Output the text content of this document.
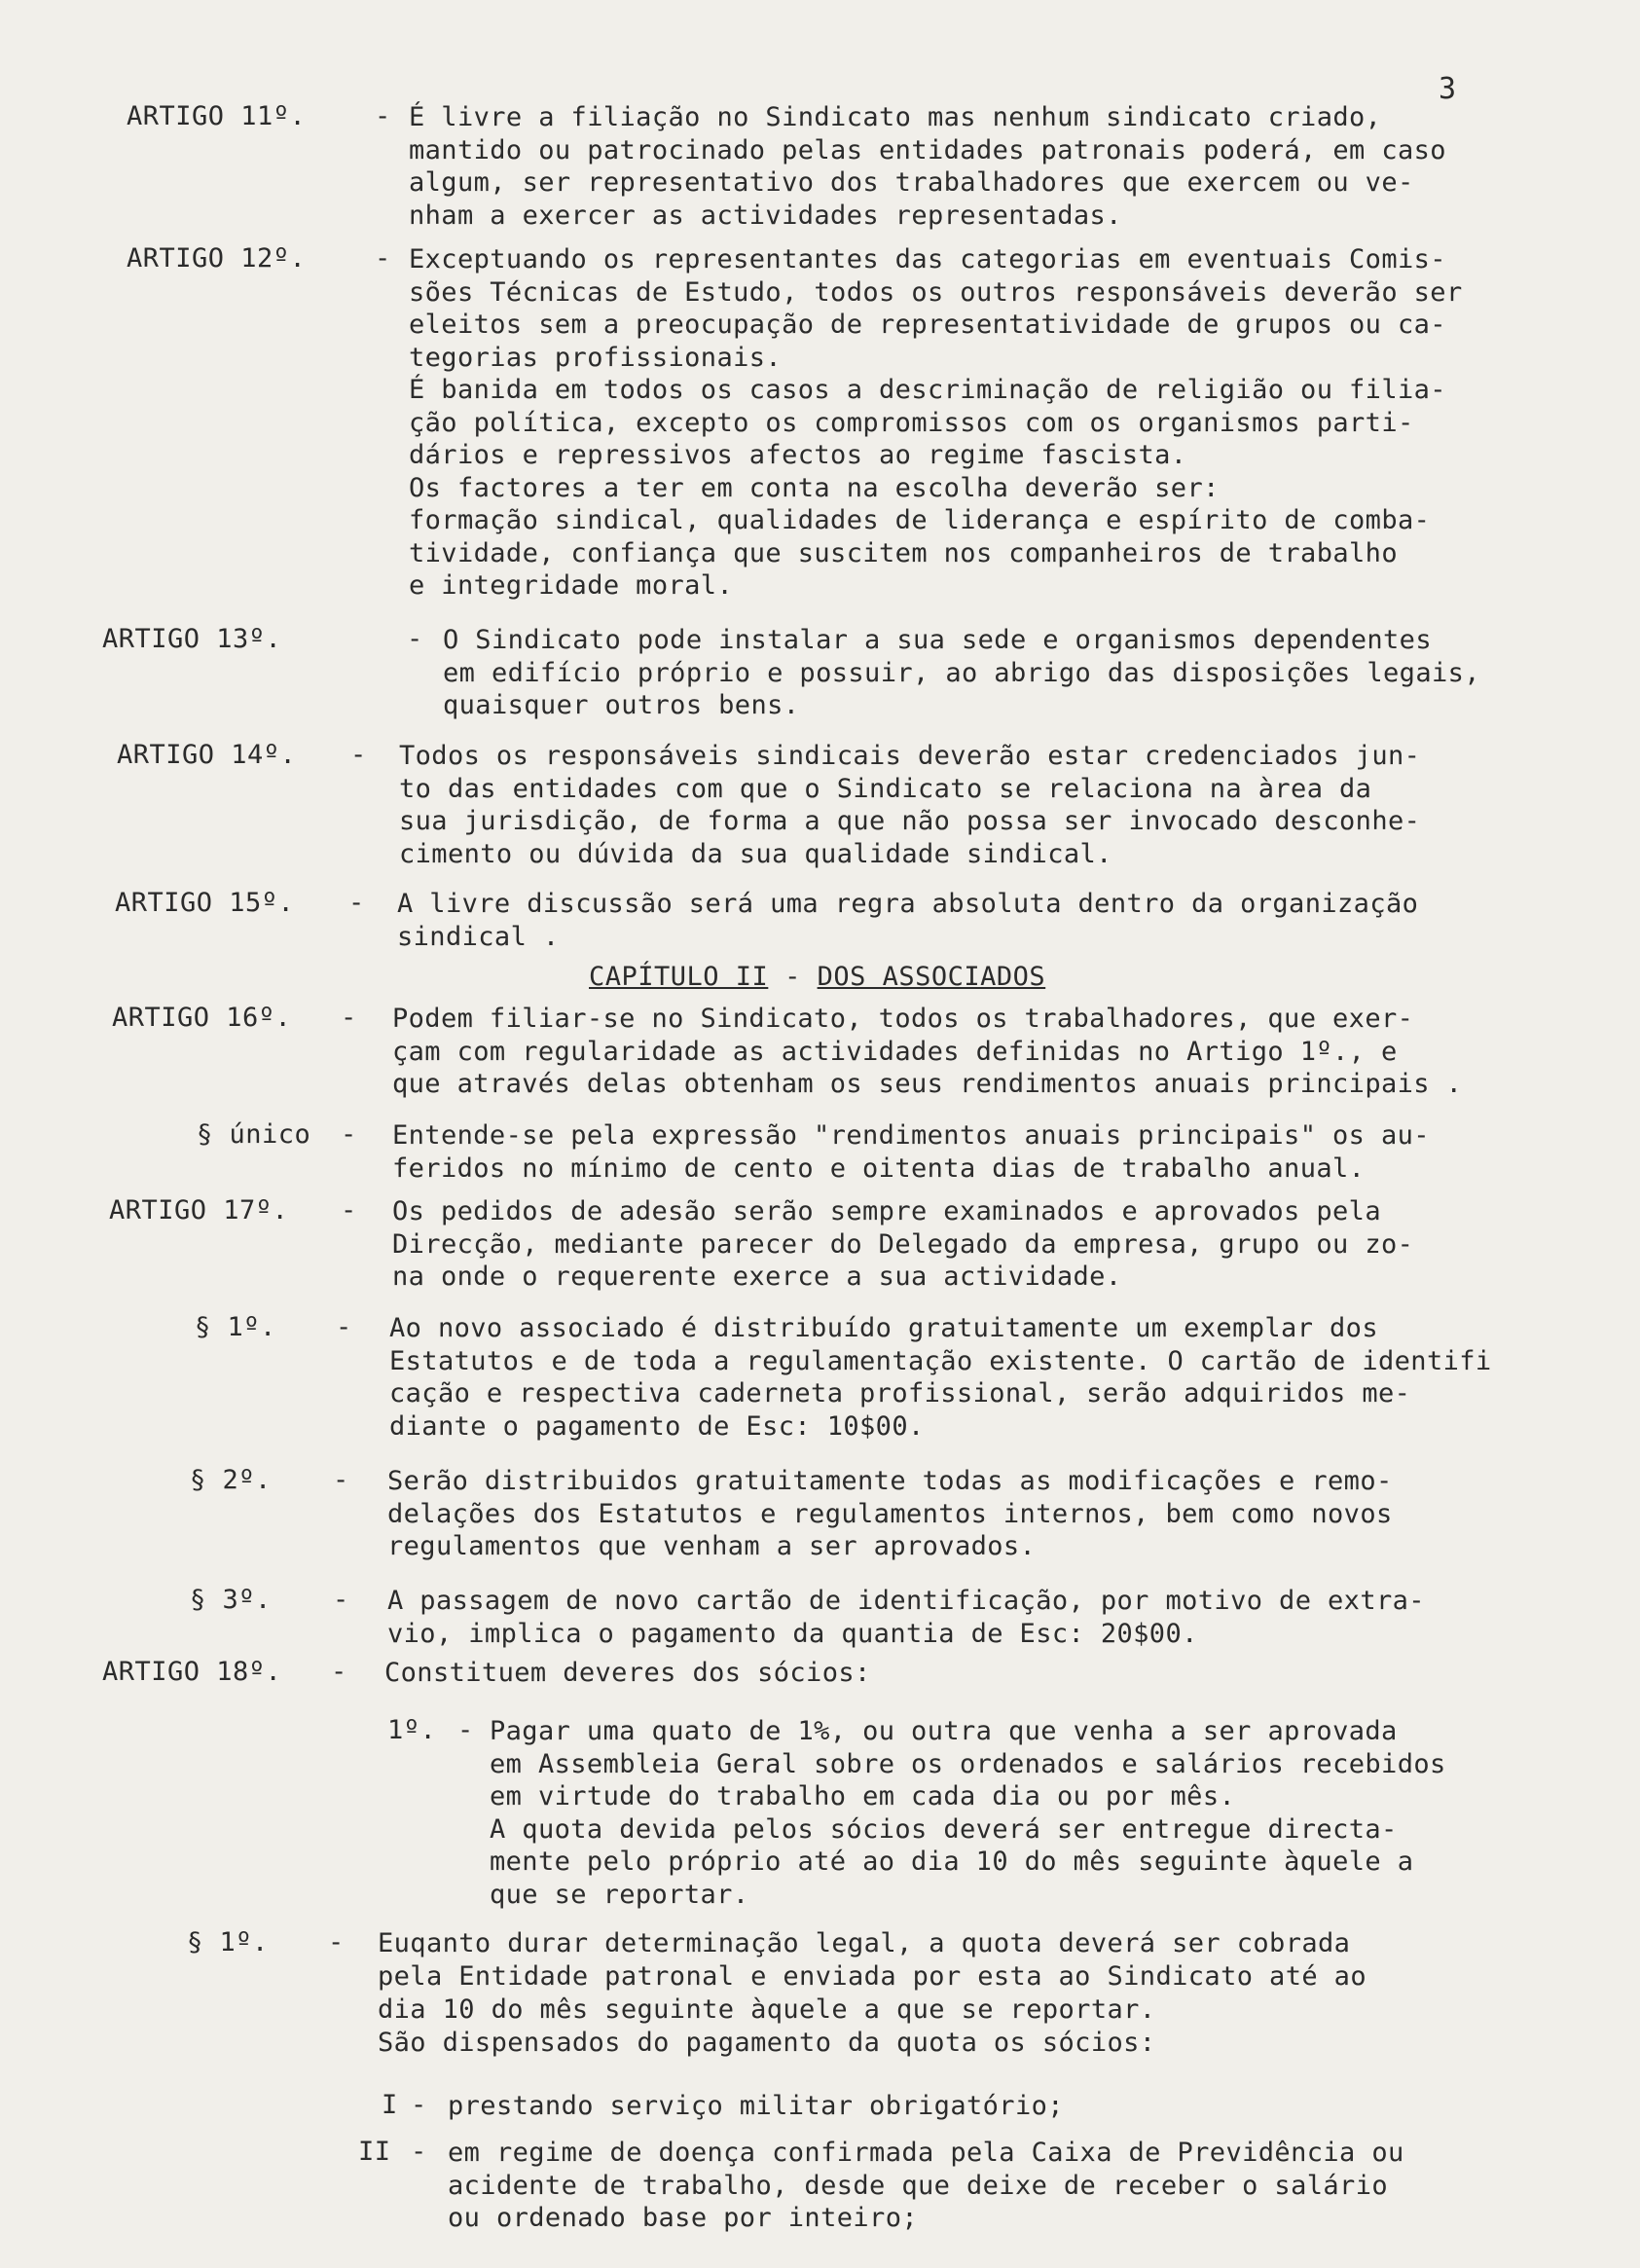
3
ARTIGO 11º.	- É livre a filiação no Sindicato mas nenhum sindicato criado,
mantido ou patrocinado pelas entidades patronais poderá, em caso
algum, ser representativo dos trabalhadores que exercem ou ve-
nham a exercer as actividades representadas.

ARTIGO 12º.	- Exceptuando os representantes das categorias em eventuais Comis-
sões Técnicas de Estudo, todos os outros responsáveis deverão ser
eleitos sem a preocupação de representatividade de grupos ou ca-
tegorias profissionais.
É banida em todos os casos a descriminação de religião ou filia-
ção política, excepto os compromissos com os organismos parti-
dários e repressivos afectos ao regime fascista.
Os factores a ter em conta na escolha deverão ser:
formação sindical, qualidades de liderança e espírito de comba-
tividade, confiança que suscitem nos companheiros de trabalho
e integridade moral.

ARTIGO 13º.	- O Sindicato pode instalar a sua sede e organismos dependentes
em edifício próprio e possuir, ao abrigo das disposições legais,
quaisquer outros bens.

ARTIGO 14º.	- Todos os responsáveis sindicais deverão estar credenciados jun-
to das entidades com que o Sindicato se relaciona na àrea da
sua jurisdição, de forma a que não possa ser invocado desconhe-
cimento ou dúvida da sua qualidade sindical.

ARTIGO 15º.	- A livre discussão será uma regra absoluta dentro da organização
sindical .

CAPÍTULO II - DOS ASSOCIADOS
ARTIGO 16º.	- Podem filiar-se no Sindicato, todos os trabalhadores, que exer-
çam com regularidade as actividades definidas no Artigo 1º., e
que através delas obtenham os seus rendimentos anuais principais .

§ único	- Entende-se pela expressão "rendimentos anuais principais" os au-
feridos no mínimo de cento e oitenta dias de trabalho anual.

ARTIGO 17º.	- Os pedidos de adesão serão sempre examinados e aprovados pela
Direcção, mediante parecer do Delegado da empresa, grupo ou zo-
na onde o requerente exerce a sua actividade.

§ 1º.	- Ao novo associado é distribuído gratuitamente um exemplar dos
Estatutos e de toda a regulamentação existente. O cartão de identifi
cação e respectiva caderneta profissional, serão adquiridos me-
diante o pagamento de Esc: 10$00.

§ 2º.	- Serão distribuidos gratuitamente todas as modificações e remo-
delações dos Estatutos e regulamentos internos, bem como novos
regulamentos que venham a ser aprovados.

§ 3º.	- A passagem de novo cartão de identificação, por motivo de extra-
vio, implica o pagamento da quantia de Esc: 20$00.

ARTIGO 18º.	- Constituem deveres dos sócios:

1º. - Pagar uma quato de 1%, ou outra que venha a ser aprovada
em Assembleia Geral sobre os ordenados e salários recebidos
em virtude do trabalho em cada dia ou por mês.
A quota devida pelos sócios deverá ser entregue directa-
mente pelo próprio até ao dia 10 do mês seguinte àquele a
que se reportar.

§ 1º.	- Euqanto durar determinação legal, a quota deverá ser cobrada
pela Entidade patronal e enviada por esta ao Sindicato até ao
dia 10 do mês seguinte àquele a que se reportar.
São dispensados do pagamento da quota os sócios:

I - prestando serviço militar obrigatório;

II - em regime de doença confirmada pela Caixa de Previdência ou
acidente de trabalho, desde que deixe de receber o salário
ou ordenado base por inteiro;
